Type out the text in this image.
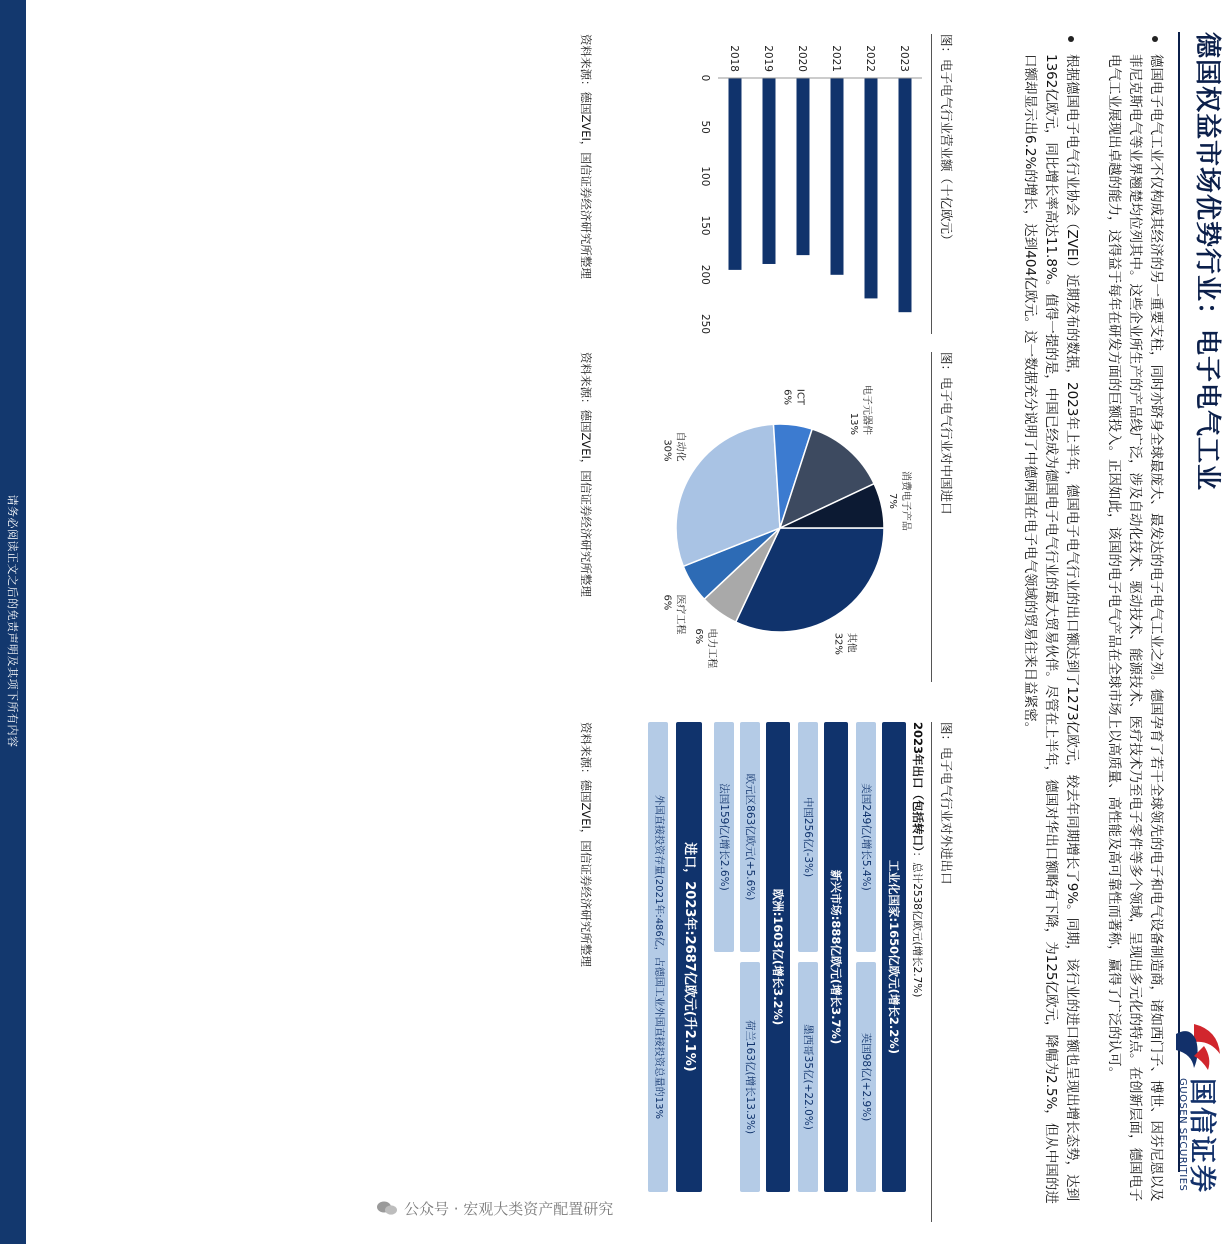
请务必阅读正文之后的免责声明及其项下所有内容
德国权益市场优势行业：电子电气工业
国信证券
GUOSEN SECURITIES
德国电子电气工业不仅构成其经济的另一重要支柱，同时亦跻身全球最庞大、最发达的电子电气工业之列。德国孕育了若干全球领先的电子和电气设备制造商，诸如西门子、博世、因芬尼恩以及菲尼克斯电气等业界翘楚均位列其中。这些企业所生产的产品线广泛，涉及自动化技术、驱动技术、能源技术、医疗技术乃至电子零件等多个领域，呈现出多元化的特点。在创新层面，德国电子电气工业展现出卓越的能力，这得益于每年在研发方面的巨额投入。正因如此，该国的电子电气产品在全球市场上以高质量、高性能及高可靠性而著称，赢得了广泛的认可。
根据德国电子电气行业协会（ZVEI）近期发布的数据，2023年上半年，德国电子电气行业的出口额达到了1273亿欧元，较去年同期增长了9%。同期，该行业的进口额也呈现出增长态势，达到1362亿欧元，同比增长率高达11.8%。值得一提的是，中国已经成为德国电子电气行业的最大贸易伙伴。尽管在上半年，德国对华出口额略有下降，为125亿欧元，降幅为2.5%，但从中国的进口额却显示出6.2%的增长，达到404亿欧元。这一数据充分说明了中德两国在电子电气领域的贸易往来日益紧密。
图：电子电气行业营业额（十亿欧元）
2023
2022
2021
2020
2019
2018
0
50
100
150
200
250
资料来源：德国ZVEI，国信证券经济研究所整理
图：电子电气行业对中国进口
其他
32%
电力工程
6%
医疗工程
6%
自动化
30%
ICT
6%	电子元器件
13%
消费电子产品
7%
资料来源：德国ZVEI，国信证券经济研究所整理
图：电子电气行业对外进出口
2023年出口（包括转口）：总计2538亿欧元(增长2.7%)
工业化国家:1650亿欧元(增长2.2%)
美国249亿(增长5.4%)
英国98亿(+2.9%)
新兴市场:888亿欧元(增长3.7%)
中国256亿(-3%)
墨西哥35亿(+22.0%)
欧洲:1603亿(增长3.2%)
欧元区863亿欧元(+5.6%)
荷兰163亿(增长13.3%)
法国159亿(增长2.6%)
进口，2023年:2687亿欧元(升2.1%)
外国直接投资存量(2021年:486亿，占德国工业外国直接投资总量的13%
资料来源：德国ZVEI，国信证券经济研究所整理
公众号 · 宏观大类资产配置研究
